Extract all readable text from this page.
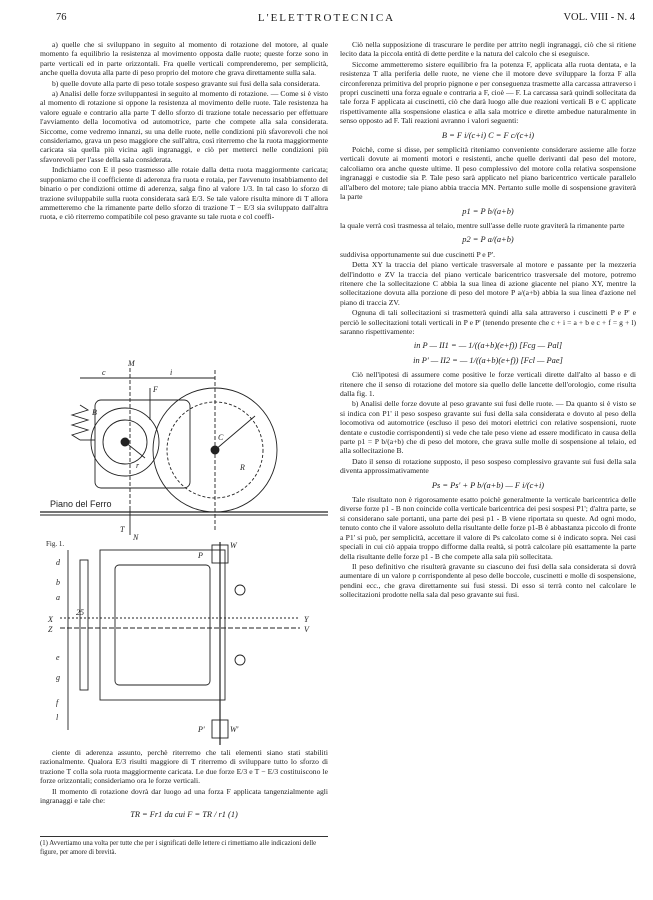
76	L'ELETTROTECNICA	VOL. VIII - N. 4

a) quelle che si sviluppano in seguito al momento di rotazione del motore, al quale momento fa equilibrio la resistenza al movimento opposta dalle ruote; queste forze sono in parte verticali ed in parte orizzontali. Fra quelle verticali comprenderemo, per semplicità, anche quella dovuta alla parte di peso proprio del motore che grava direttamente sulla sala.

b) quelle dovute alla parte di peso totale sospeso gravante sui fusi della sala considerata.

a) Analisi delle forze sviluppantesi in seguito al momento di rotazione. — Come si è visto al momento di rotazione si oppone la resistenza al movimento delle ruote. Tale resistenza ha valore eguale e contrario alla parte T dello sforzo di trazione totale necessario per effettuare l'avviamento della locomotiva od automotrice, parte che compete alla sala considerata. Siccome, come vedremo innanzi, su una delle ruote, nelle condizioni più sfavorevoli che noi consideriamo, grava un peso maggiore che sull'altra, così riterremo che la ruota maggiormente caricata sia quella più vicina agli ingranaggi, e ciò per metterci nelle condizioni più sfavorevoli per l'asse della sala considerata.

Indichiamo con E il peso trasmesso alle rotaie dalla detta ruota maggiormente caricata; supponiamo che il coefficiente di aderenza fra ruota e rotaia, per l'avvenuto insabbiamento del binario o per condizioni ottime di aderenza, salga fino al valore 1/3. In tal caso lo sforzo di trazione sviluppabile sulla ruota considerata sarà E/3. Se tale valore risulta minore di T allora ammetteremo che la rimanente parte dello sforzo di trazione T − E/3 sia sviluppato dall'altra ruota, e ciò riterremo compatibile col peso gravante su tale ruota e col coeffi-

M
c	i
B
C
r	R
F
T
N
W
W'
d
b
a
e
g
f
l
X
Z
Y
V
P
P'
25
Piano del Ferro
Fig. 1.

ciente di aderenza assunto, perchè riterremo che tali elementi siano stati stabiliti razionalmente. Qualora E/3 risulti maggiore di T riterremo di sviluppare tutto lo sforzo di trazione T colla sola ruota maggiormente caricata. Le due forze E/3 e T − E/3 costituiscono le forze orizzontali; consideriamo ora le forze verticali.

Il momento di rotazione dovrà dar luogo ad una forza F applicata tangenzialmente agli ingranaggi e tale che:

TR = Fr1 da cui F = TR / r1 (1)
(1) Avvertiamo una volta per tutte che per i significati delle lettere ci rimettiamo alle indicazioni delle figure, per amore di brevità.

Ciò nella supposizione di trascurare le perdite per attrito negli ingranaggi, ciò che si ritiene lecito data la piccola entità di dette perdite e la natura del calcolo che si eseguisce.

Siccome ammetteremo sistere equilibrio fra la potenza F, applicata alla ruota dentata, e la resistenza T alla periferia delle ruote, ne viene che il motore deve sviluppare la forza F alla circonferenza primitiva del proprio pignone e per conseguenza trasmette alla carcassa attraverso i propri cuscinetti una forza eguale e contraria a F, cioè — F. La carcassa sarà quindi sollecitata da tale forza F applicata ai cuscinetti, ciò che darà luogo alle due reazioni verticali B e C applicate rispettivamente alla sospensione elastica e alla sala motrice e dirette ambedue naturalmente in senso opposto ad F. Tali reazioni avranno i valori seguenti:

B = F i/(c+i) C = F c/(c+i)

Poichè, come si disse, per semplicità riteniamo conveniente considerare assieme alle forze verticali dovute ai momenti motori e resistenti, anche quelle derivanti dal peso del motore, calcoliamo ora anche queste ultime. Il peso complessivo del motore colla relativa sospensione ingranaggi e custodie sia P. Tale peso sarà applicato nel piano baricentrico verticale parallelo all'albero del motore; tale piano abbia traccia MN. Pertanto sulle molle di sospensione graviterà la parte

p1 = P b/(a+b)

la quale verrà così trasmessa al telaio, mentre sull'asse delle ruote graviterà la rimanente parte

p2 = P a/(a+b)

suddivisa opportunamente sui due cuscinetti P e P'.

Detta XY la traccia del piano verticale trasversale al motore e passante per la mezzeria dell'indotto e ZV la traccia del piano verticale baricentrico trasversale del motore, potremo ritenere che la sollecitazione C abbia la sua linea di azione giacente nel piano XY, mentre la sollecitazione dovuta alla porzione di peso del motore P a/(a+b) abbia la sua linea d'azione nel piano di traccia ZV.

Ognuna di tali sollecitazioni si trasmetterà quindi alla sala attraverso i cuscinetti P e P' e perciò le sollecitazioni totali verticali in P e P' (tenendo presente che c + i = a + b e c + f = g + l) saranno rispettivamente:

in P — II1 = — 1/((a+b)(e+f)) [Fcg — Pal]
in P' — II2 = — 1/((a+b)(e+f)) [Fcl — Pae]

Ciò nell'ipotesi di assumere come positive le forze verticali dirette dall'alto al basso e di ritenere che il senso di rotazione del motore sia quello delle lancette dell'orologio, come risulta dalla fig. 1.

b) Analisi delle forze dovute al peso gravante sui fusi delle ruote. — Da quanto si è visto se si indica con P1' il peso sospeso gravante sui fusi della sala considerata e dovuto al peso della locomotiva od automotrice (escluso il peso dei motori elettrici con relative sospensioni, ruote dentate e custodie corrispondenti) si vede che tale peso viene ad essere modificato in causa della parte p1 = P b/(a+b) che di peso del motore, che grava sulle molle di sospensione al telaio, ed alla sollecitazione B.

Dato il senso di rotazione supposto, il peso sospeso complessivo gravante sui fusi della sala diventa approssimativamente

Ps = Ps' + P b/(a+b) — F i/(c+i)

Tale risultato non è rigorosamente esatto poichè generalmente la verticale baricentrica delle diverse forze p1 - B non coincide colla verticale baricentrica dei pesi sospesi P1'; d'altra parte, se si considerano sale portanti, una parte dei pesi p1 - B viene riportata su queste. Ad ogni modo, tenuto conto che il valore assoluto della risultante delle forze p1-B è abbastanza piccolo di fronte a P1' si può, per semplicità, accettare il valore di Ps calcolato come si è indicato sopra. Nei casi speciali in cui ciò appaia troppo difforme dalla realtà, si potrà calcolare più esattamente la parte della risultante delle forze p1 - B che compete alla sala più sollecitata.

Il peso definitivo che risulterà gravante su ciascuno dei fusi della sala considerata si dovrà aumentare di un valore p corrispondente al peso delle boccole, cuscinetti e molle di sospensione, pendini ecc., che grava direttamente sui fusi stessi. Di esso si terrà conto nel calcolare le sollecitazioni prodotte nella sala dal peso gravante sui fusi.
